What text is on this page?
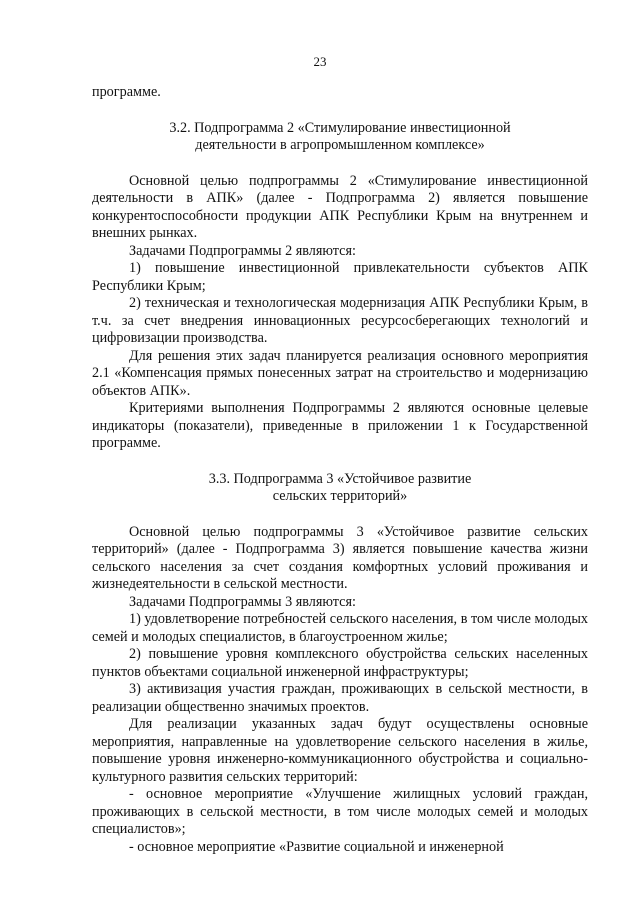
23

программе.

3.2. Подпрограмма 2 «Стимулирование инвестиционной

деятельности в агропромышленном комплексе»

Основной целью подпрограммы 2 «Стимулирование инвестиционной деятельности в АПК» (далее - Подпрограмма 2) является повышение конкурентоспособности продукции АПК Республики Крым на внутреннем и внешних рынках.

Задачами Подпрограммы 2 являются:

1) повышение инвестиционной привлекательности субъектов АПК Республики Крым;

2) техническая и технологическая модернизация АПК Республики Крым, в т.ч. за счет внедрения инновационных ресурсосберегающих технологий и цифровизации производства.

Для решения этих задач планируется реализация основного мероприятия 2.1 «Компенсация прямых понесенных затрат на строительство и модернизацию объектов АПК».

Критериями выполнения Подпрограммы 2 являются основные целевые индикаторы (показатели), приведенные в приложении 1 к Государственной программе.

3.3. Подпрограмма 3 «Устойчивое развитие

сельских территорий»

Основной целью подпрограммы 3 «Устойчивое развитие сельских территорий» (далее - Подпрограмма 3) является повышение качества жизни сельского населения за счет создания комфортных условий проживания и жизнедеятельности в сельской местности.

Задачами Подпрограммы 3 являются:

1) удовлетворение потребностей сельского населения, в том числе молодых семей и молодых специалистов, в благоустроенном жилье;

2) повышение уровня комплексного обустройства сельских населенных пунктов объектами социальной инженерной инфраструктуры;

3) активизация участия граждан, проживающих в сельской местности, в реализации общественно значимых проектов.

Для реализации указанных задач будут осуществлены основные мероприятия, направленные на удовлетворение сельского населения в жилье, повышение уровня инженерно-коммуникационного обустройства и социально-культурного развития сельских территорий:

- основное мероприятие «Улучшение жилищных условий граждан, проживающих в сельской местности, в том числе молодых семей и молодых специалистов»;

- основное мероприятие «Развитие социальной и инженерной
